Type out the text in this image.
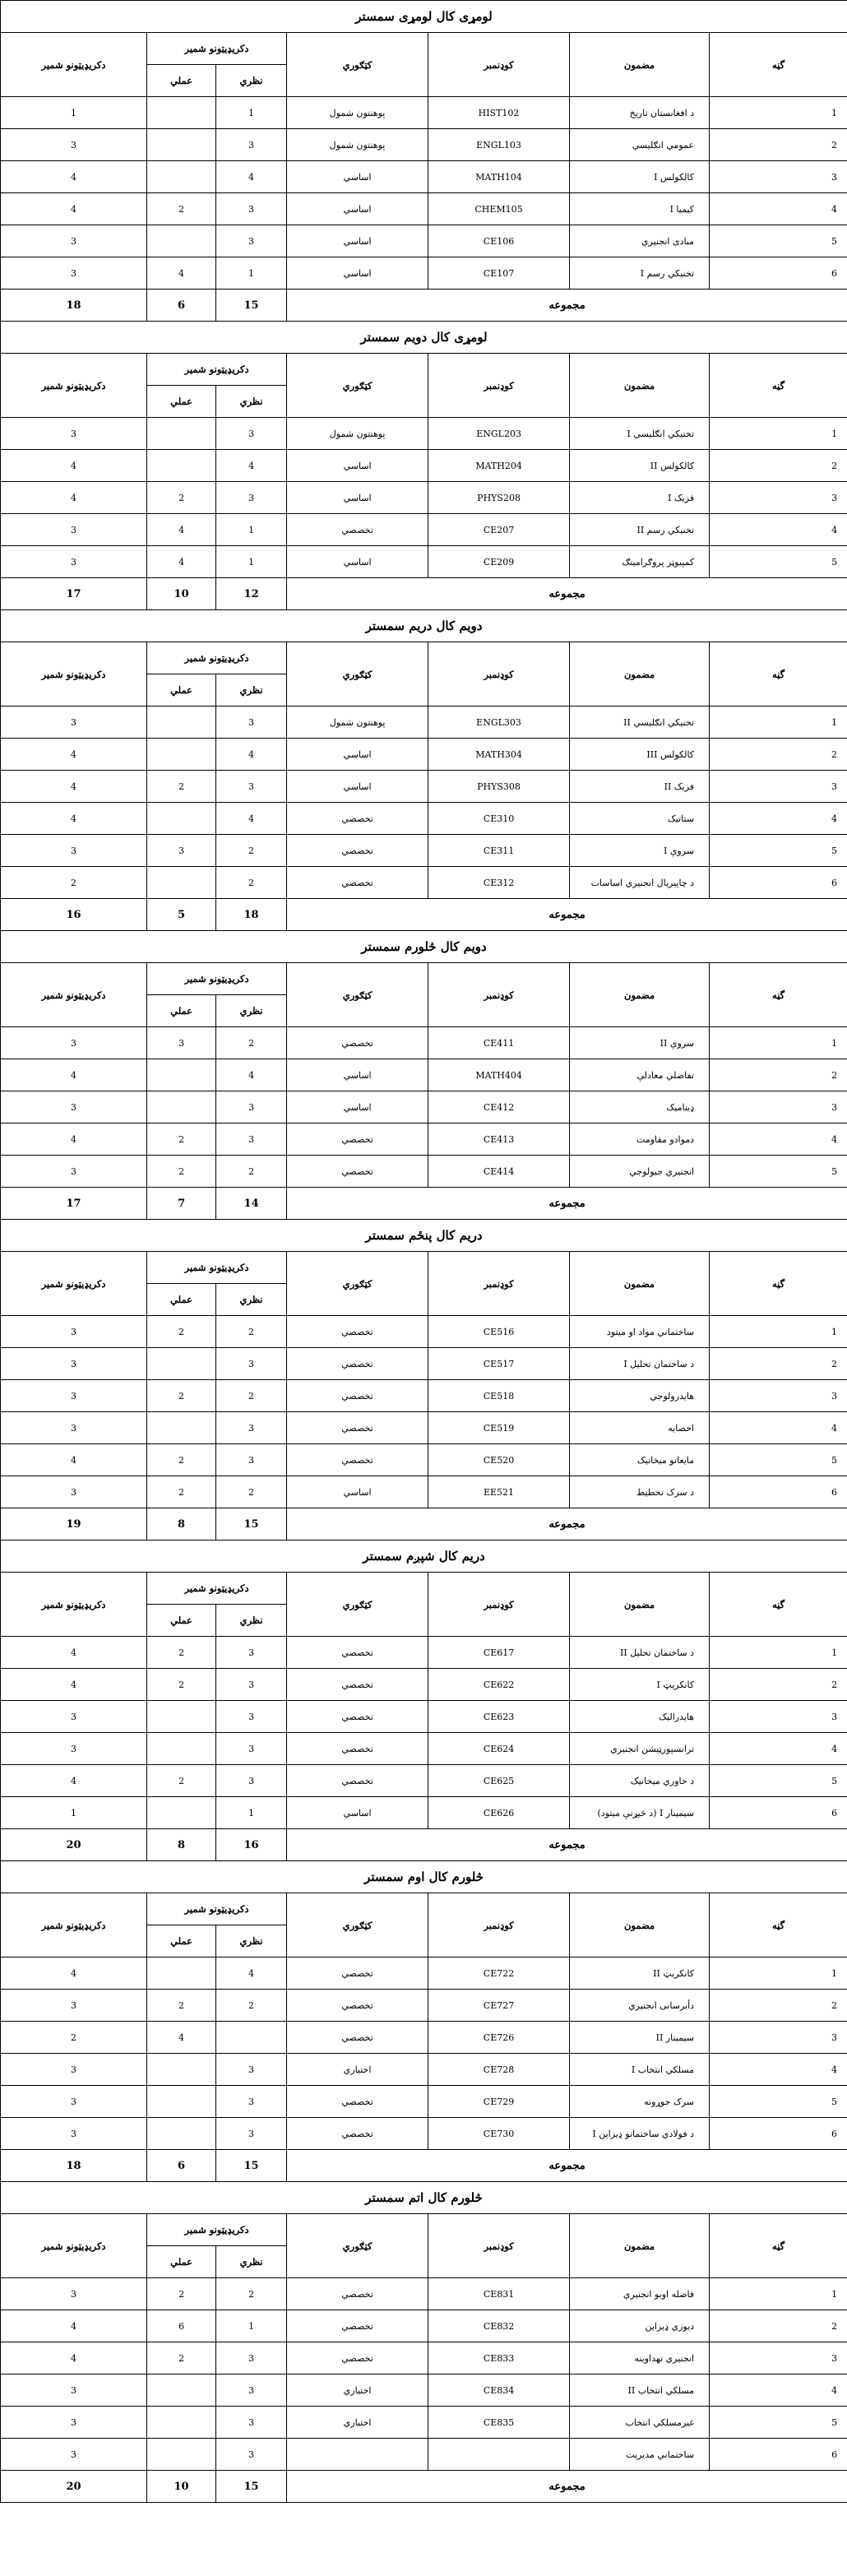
لومړی کال لومړی سمستر						
گڼه	مضمون	کوډنمبر	کټګوري	دکریډیټونو شمیر		دکریډیټونو شمیر
				نظري	عملي	
1	د افغانستان تاریخ	HIST102	پوهنتون شمول	1		1
2	عمومي انګلیسي	ENGL103	پوهنتون شمول	3		3
3	کالکولس I	MATH104	اساسي	4		4
4	کیمیا I	CHEM105	اساسي	3	2	4
5	مبادی انجنیري	CE106	اساسي	3		3
6	تخنیکي رسم I	CE107	اساسي	1	4	3
مجموعه				15	6	18
لومړی کال دویم سمستر						
گڼه	مضمون	کوډنمبر	کټګوري	دکریډیټونو شمیر		دکریډیټونو شمیر
				نظري	عملي	
1	تخنیکي انګلیسي I	ENGL203	پوهنتون شمول	3		3
2	کالکولس II	MATH204	اساسي	4		4
3	فزیک I	PHYS208	اساسي	3	2	4
4	تخنیکي رسم II	CE207	تخصصي	1	4	3
5	کمپیوټر پروګرامینګ	CE209	اساسي	1	4	3
مجموعه				12	10	17
دویم کال دریم سمستر						
گڼه	مضمون	کوډنمبر	کټګوري	دکریډیټونو شمیر		دکریډیټونو شمیر
				نظري	عملي	
1	تخنیکي انګلیسي II	ENGL303	پوهنتون شمول	3		3
2	کالکولس III	MATH304	اساسي	4		4
3	فزیک II	PHYS308	اساسي	3	2	4
4	ستاتیک	CE310	تخصصي	4		4
5	سروې I	CE311	تخصصي	2	3	3
6	د چاپیریال انجنیري اساسات	CE312	تخصصي	2		2
مجموعه				18	5	16
دویم کال څلورم سمستر						
گڼه	مضمون	کوډنمبر	کټګوري	دکریډیټونو شمیر		دکریډیټونو شمیر
				نظري	عملي	
1	سروې II	CE411	تخصصي	2	3	3
2	تفاضلي معادلې	MATH404	اساسي	4		4
3	ډینامیک	CE412	اساسي	3		3
4	دموادو مقاومت	CE413	تخصصي	3	2	4
5	انجنیري جیولوجي	CE414	تخصصي	2	2	3
مجموعه				14	7	17
دریم کال پنځم سمستر						
گڼه	مضمون	کوډنمبر	کټګوري	دکریډیټونو شمیر		دکریډیټونو شمیر
				نظري	عملي	
1	ساختماني مواد او میتود	CE516	تخصصي	2	2	3
2	د ساختمان تحلیل I	CE517	تخصصي	3		3
3	هایدرولوجي	CE518	تخصصي	2	2	3
4	احصایه	CE519	تخصصي	3		3
5	مایعاتو میخانیک	CE520	تخصصي	3	2	4
6	د سرک تخطیط	EE521	اساسي	2	2	3
مجموعه				15	8	19
دریم کال شپږم سمستر						
گڼه	مضمون	کوډنمبر	کټګوري	دکریډیټونو شمیر		دکریډیټونو شمیر
				نظري	عملي	
1	د ساختمان تحلیل II	CE617	تخصصي	3	2	4
2	کانکریټ I	CE622	تخصصي	3	2	4
3	هایدرالیک	CE623	تخصصي	3		3
4	ترانسپورټیشن انجنیري	CE624	تخصصي	3		3
5	د خاوري میخانیک	CE625	تخصصي	3	2	4
6	سیمینار I (د څیړنې میتود)	CE626	اساسي	1		1
مجموعه				16	8	20
څلورم کال اوم سمستر						
گڼه	مضمون	کوډنمبر	کټګوري	دکریډیټونو شمیر		دکریډیټونو شمیر
				نظري	عملي	
1	کانکریټ II	CE722	تخصصي	4		4
2	دأبرسانی انجنیري	CE727	تخصصي	2	2	3
3	سیمینار II	CE726	تخصصي		4	2
4	مسلکي انتخاب I	CE728	اختیاري	3		3
5	سرک جوړونه	CE729	تخصصي	3		3
6	د فولادي ساختمانو ډیزاین I	CE730	تخصصي	3		3
مجموعه				15	6	18
څلورم کال اتم سمستر						
گڼه	مضمون	کوډنمبر	کټګوري	دکریډیټونو شمیر		دکریډیټونو شمیر
				نظري	عملي	
1	فاضله اوبو انجنیري	CE831	تخصصي	2	2	3
2	دیوزي ډیزاین	CE832	تخصصي	1	6	4
3	انجنیري تهداوینه	CE833	تخصصي	3	2	4
4	مسلکي انتخاب II	CE834	اختیاري	3		3
5	غیرمسلکي انتخاب	CE835	اختیاري	3		3
6	ساختماني مدیریت			3		3
مجموعه				15	10	20
